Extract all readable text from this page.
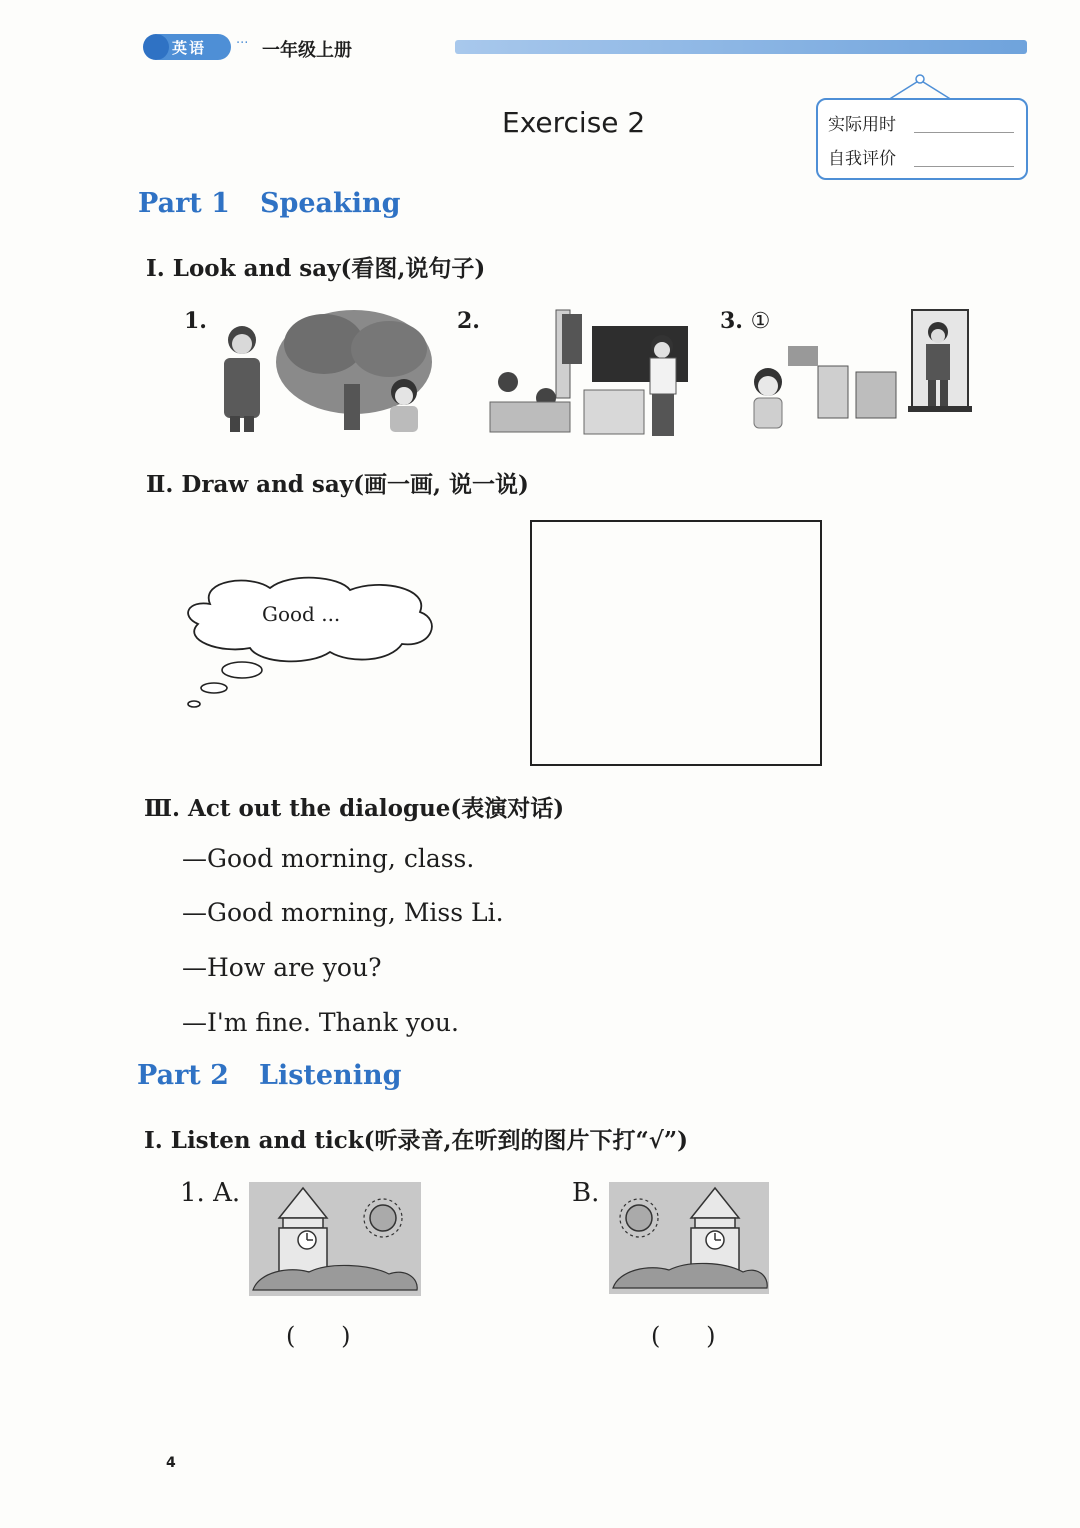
英语 ··· 一年级上册
Exercise 2	实际用时
自我评价
Part 1 Speaking
Ⅰ. Look and say(看图,说句子)
1.	2.	3. ①
Ⅱ. Draw and say(画一画, 说一说)
Good ...
Ⅲ. Act out the dialogue(表演对话)
—Good morning, class.
—Good morning, Miss Li.
—How are you?
—I'm fine. Thank you.
Part 2 Listening
Ⅰ. Listen and tick(听录音,在听到的图片下打“√”)
1. A.	B.
(      )	(      )
4
